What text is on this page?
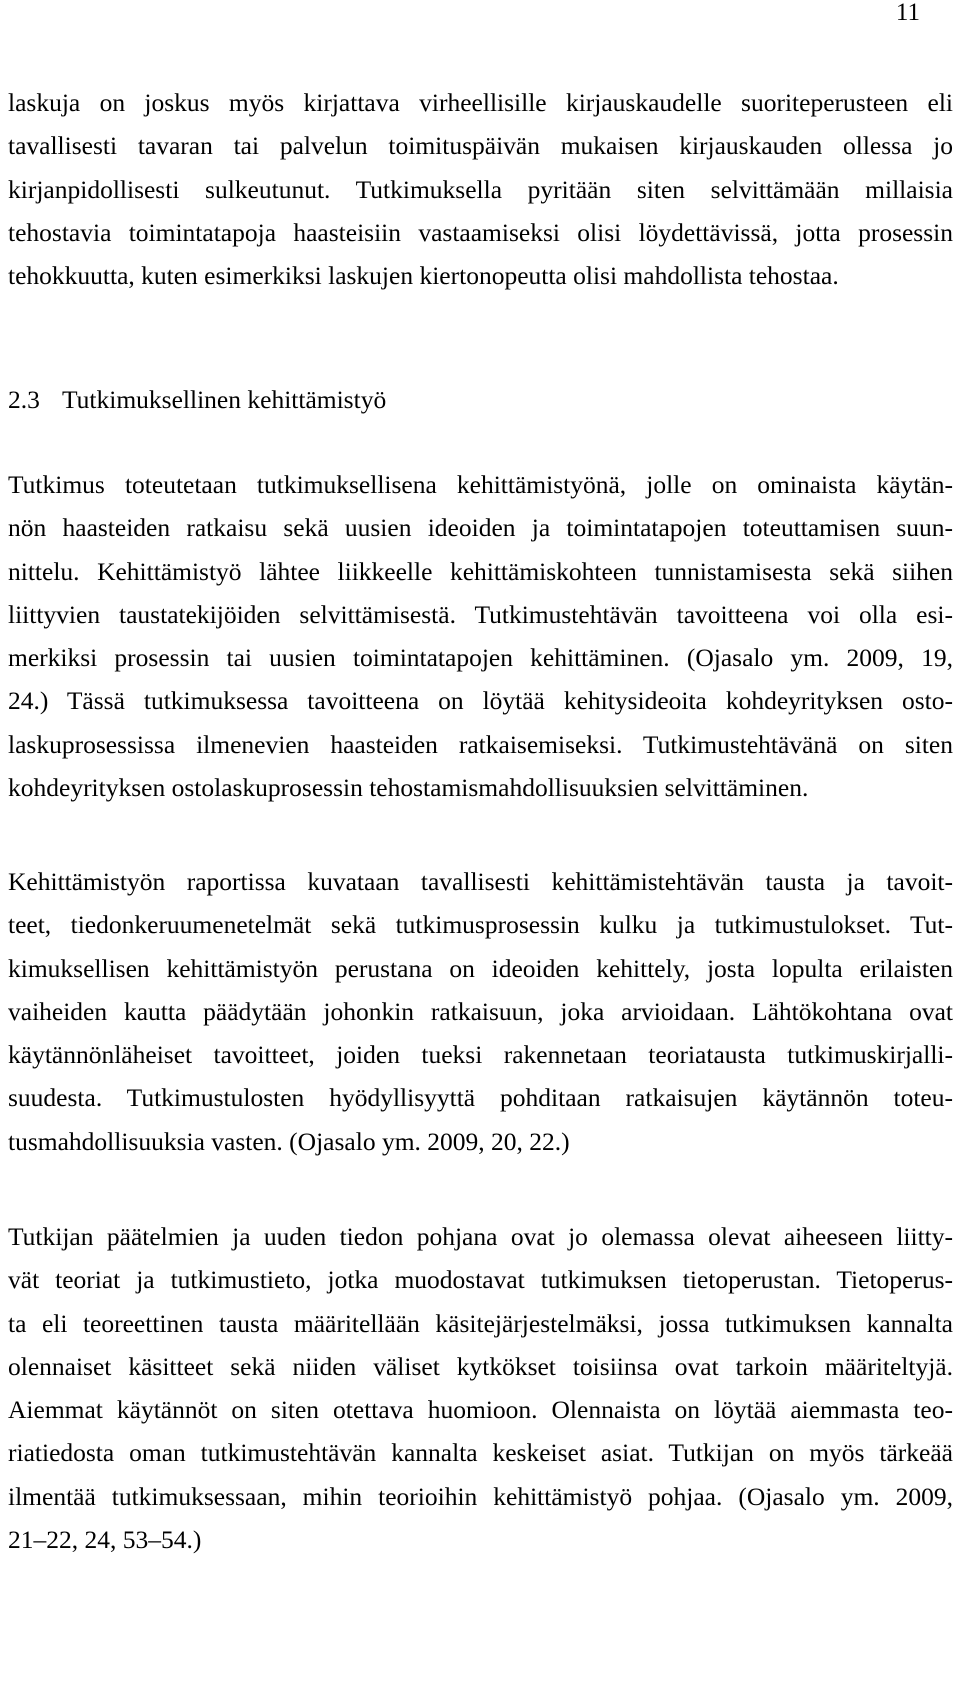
11
laskuja on joskus myös kirjattava virheellisille kirjauskaudelle suoriteperusteen eli
tavallisesti tavaran tai palvelun toimituspäivän mukaisen kirjauskauden ollessa jo
kirjanpidollisesti sulkeutunut. Tutkimuksella pyritään siten selvittämään millaisia
tehostavia toimintatapoja haasteisiin vastaamiseksi olisi löydettävissä, jotta prosessin
tehokkuutta, kuten esimerkiksi laskujen kiertonopeutta olisi mahdollista tehostaa.
2.3 Tutkimuksellinen kehittämistyö
Tutkimus toteutetaan tutkimuksellisena kehittämistyönä, jolle on ominaista käytän-
nön haasteiden ratkaisu sekä uusien ideoiden ja toimintatapojen toteuttamisen suun-
nittelu. Kehittämistyö lähtee liikkeelle kehittämiskohteen tunnistamisesta sekä siihen
liittyvien taustatekijöiden selvittämisestä. Tutkimustehtävän tavoitteena voi olla esi-
merkiksi prosessin tai uusien toimintatapojen kehittäminen. (Ojasalo ym. 2009, 19,
24.) Tässä tutkimuksessa tavoitteena on löytää kehitysideoita kohdeyrityksen osto-
laskuprosessissa ilmenevien haasteiden ratkaisemiseksi. Tutkimustehtävänä on siten
kohdeyrityksen ostolaskuprosessin tehostamismahdollisuuksien selvittäminen.
Kehittämistyön raportissa kuvataan tavallisesti kehittämistehtävän tausta ja tavoit-
teet, tiedonkeruumenetelmät sekä tutkimusprosessin kulku ja tutkimustulokset. Tut-
kimuksellisen kehittämistyön perustana on ideoiden kehittely, josta lopulta erilaisten
vaiheiden kautta päädytään johonkin ratkaisuun, joka arvioidaan. Lähtökohtana ovat
käytännönläheiset tavoitteet, joiden tueksi rakennetaan teoriatausta tutkimuskirjalli-
suudesta. Tutkimustulosten hyödyllisyyttä pohditaan ratkaisujen käytännön toteu-
tusmahdollisuuksia vasten. (Ojasalo ym. 2009, 20, 22.)
Tutkijan päätelmien ja uuden tiedon pohjana ovat jo olemassa olevat aiheeseen liitty-
vät teoriat ja tutkimustieto, jotka muodostavat tutkimuksen tietoperustan. Tietoperus-
ta eli teoreettinen tausta määritellään käsitejärjestelmäksi, jossa tutkimuksen kannalta
olennaiset käsitteet sekä niiden väliset kytkökset toisiinsa ovat tarkoin määriteltyjä.
Aiemmat käytännöt on siten otettava huomioon. Olennaista on löytää aiemmasta teo-
riatiedosta oman tutkimustehtävän kannalta keskeiset asiat. Tutkijan on myös tärkeää
ilmentää tutkimuksessaan, mihin teorioihin kehittämistyö pohjaa. (Ojasalo ym. 2009,
21–22, 24, 53–54.)
